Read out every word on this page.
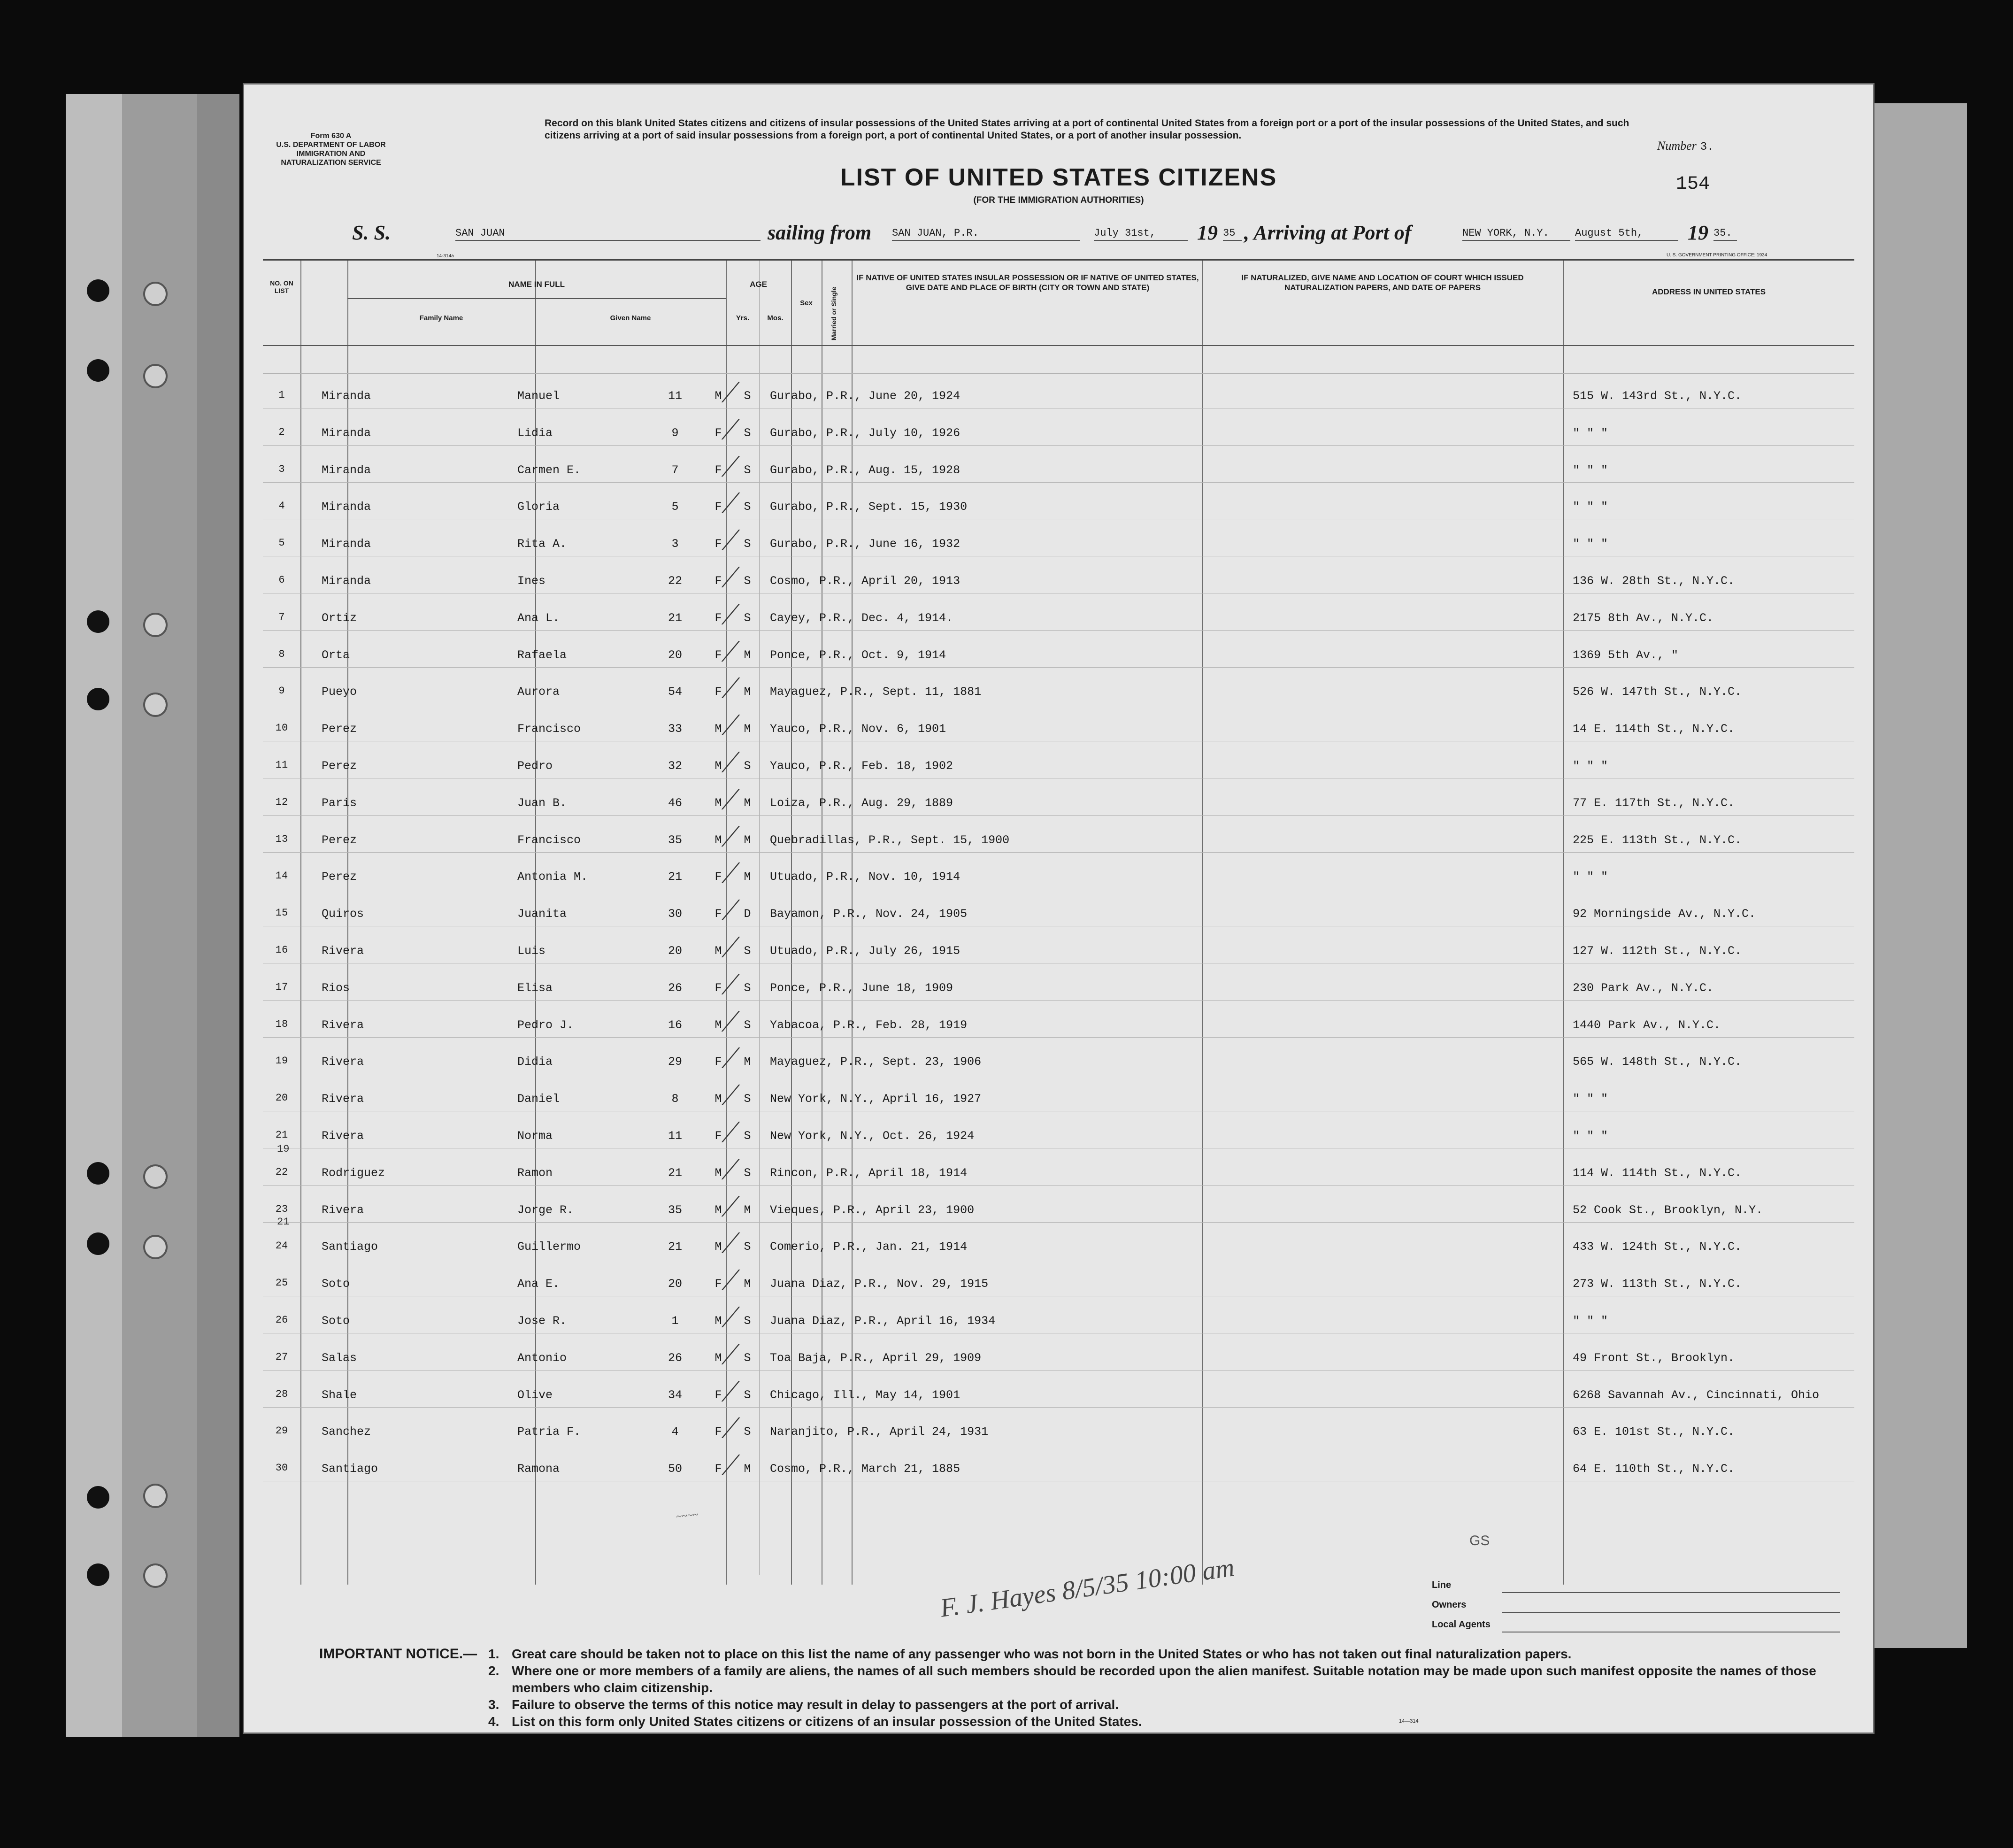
Form 630 A
U.S. DEPARTMENT OF LABOR
IMMIGRATION AND
NATURALIZATION SERVICE
Record on this blank United States citizens and citizens of insular possessions of the United States arriving at a port of continental United States from a foreign port or a port of the insular possessions of the United States, and such citizens arriving at a port of said insular possessions from a foreign port, a port of continental United States, or a port of another insular possession.
Number 3.
LIST OF UNITED STATES CITIZENS
(FOR THE IMMIGRATION AUTHORITIES)
154
S. S.	SAN JUAN	sailing from SAN JUAN, P.R.	July 31st,	19 35 , Arriving at Port of	NEW YORK, N.Y.	August 5th,	19 35.
14-314a	U. S. GOVERNMENT PRINTING OFFICE: 1934
NO. ON LIST
NAME IN FULL
Family Name	Given Name
AGE
Yrs.	Mos.
Sex	Married or Single
IF NATIVE OF UNITED STATES INSULAR POSSESSION OR IF NATIVE OF UNITED STATES, GIVE DATE AND PLACE OF BIRTH (CITY OR TOWN AND STATE)
IF NATURALIZED, GIVE NAME AND LOCATION OF COURT WHICH ISSUED NATURALIZATION PAPERS, AND DATE OF PAPERS	ADDRESS IN UNITED STATES
1	Miranda	Manuel	11	M	S	Gurabo, P.R., June 20, 1924	515 W. 143rd St., N.Y.C.
2	Miranda	Lidia	9	F	S	Gurabo, P.R., July 10, 1926	" " "
3	Miranda	Carmen E.	7	F	S	Gurabo, P.R., Aug. 15, 1928	" " "
4	Miranda	Gloria	5	F	S	Gurabo, P.R., Sept. 15, 1930	" " "
5	Miranda	Rita A.	3	F	S	Gurabo, P.R., June 16, 1932	" " "
6	Miranda	Ines	22	F	S	Cosmo, P.R., April 20, 1913	136 W. 28th St., N.Y.C.
7	Ortiz	Ana L.	21	F	S	Cayey, P.R., Dec. 4, 1914.	2175 8th Av., N.Y.C.
8	Orta	Rafaela	20	F	M	Ponce, P.R., Oct. 9, 1914	1369 5th Av., "
9	Pueyo	Aurora	54	F	M	Mayaguez, P.R., Sept. 11, 1881	526 W. 147th St., N.Y.C.
10	Perez	Francisco	33	M	M	Yauco, P.R., Nov. 6, 1901	14 E. 114th St., N.Y.C.
11	Perez	Pedro	32	M	S	Yauco, P.R., Feb. 18, 1902	" " "
12	Paris	Juan B.	46	M	M	Loiza, P.R., Aug. 29, 1889	77 E. 117th St., N.Y.C.
13	Perez	Francisco	35	M	M	Quebradillas, P.R., Sept. 15, 1900	225 E. 113th St., N.Y.C.
14	Perez	Antonia M.	21	F	M	Utuado, P.R., Nov. 10, 1914	" " "
15	Quiros	Juanita	30	F	D	Bayamon, P.R., Nov. 24, 1905	92 Morningside Av., N.Y.C.
16	Rivera	Luis	20	M	S	Utuado, P.R., July 26, 1915	127 W. 112th St., N.Y.C.
17	Rios	Elisa	26	F	S	Ponce, P.R., June 18, 1909	230 Park Av., N.Y.C.
18	Rivera	Pedro J.	16	M	S	Yabacoa, P.R., Feb. 28, 1919	1440 Park Av., N.Y.C.
19	Rivera	Didia	29	F	M	Mayaguez, P.R., Sept. 23, 1906	565 W. 148th St., N.Y.C.
20	Rivera	Daniel	8	M	S	New York, N.Y., April 16, 1927	" " "
21	Rivera	Norma	11	F	S	New York, N.Y., Oct. 26, 1924	" " "
22	Rodriguez	Ramon	21	M	S	Rincon, P.R., April 18, 1914	114 W. 114th St., N.Y.C.
23	Rivera	Jorge R.	35	M	M	Vieques, P.R., April 23, 1900	52 Cook St., Brooklyn, N.Y.
24	Santiago	Guillermo	21	M	S	Comerio, P.R., Jan. 21, 1914	433 W. 124th St., N.Y.C.
25	Soto	Ana E.	20	F	M	Juana Diaz, P.R., Nov. 29, 1915	273 W. 113th St., N.Y.C.
26	Soto	Jose R.	1	M	S	Juana Diaz, P.R., April 16, 1934	" " "
27	Salas	Antonio	26	M	S	Toa Baja, P.R., April 29, 1909	49 Front St., Brooklyn.
28	Shale	Olive	34	F	S	Chicago, Ill., May 14, 1901	6268 Savannah Av., Cincinnati, Ohio
29	Sanchez	Patria F.	4	F	S	Naranjito, P.R., April 24, 1931	63 E. 101st St., N.Y.C.
30	Santiago	Ramona	50	F	M	Cosmo, P.R., March 21, 1885	64 E. 110th St., N.Y.C.
19
21
~~~~
GS
F. J. Hayes 8/5/35 10:00 am	Line
Owners
Local Agents
IMPORTANT NOTICE.— 1. Great care should be taken not to place on this list the name of any passenger who was not born in the United States or who has not taken out final naturalization papers.
2. Where one or more members of a family are aliens, the names of all such members should be recorded upon the alien manifest. Suitable notation may be made upon such manifest opposite the names of those members who claim citizenship.
3. Failure to observe the terms of this notice may result in delay to passengers at the port of arrival.
4. List on this form only United States citizens or citizens of an insular possession of the United States.	14—314
